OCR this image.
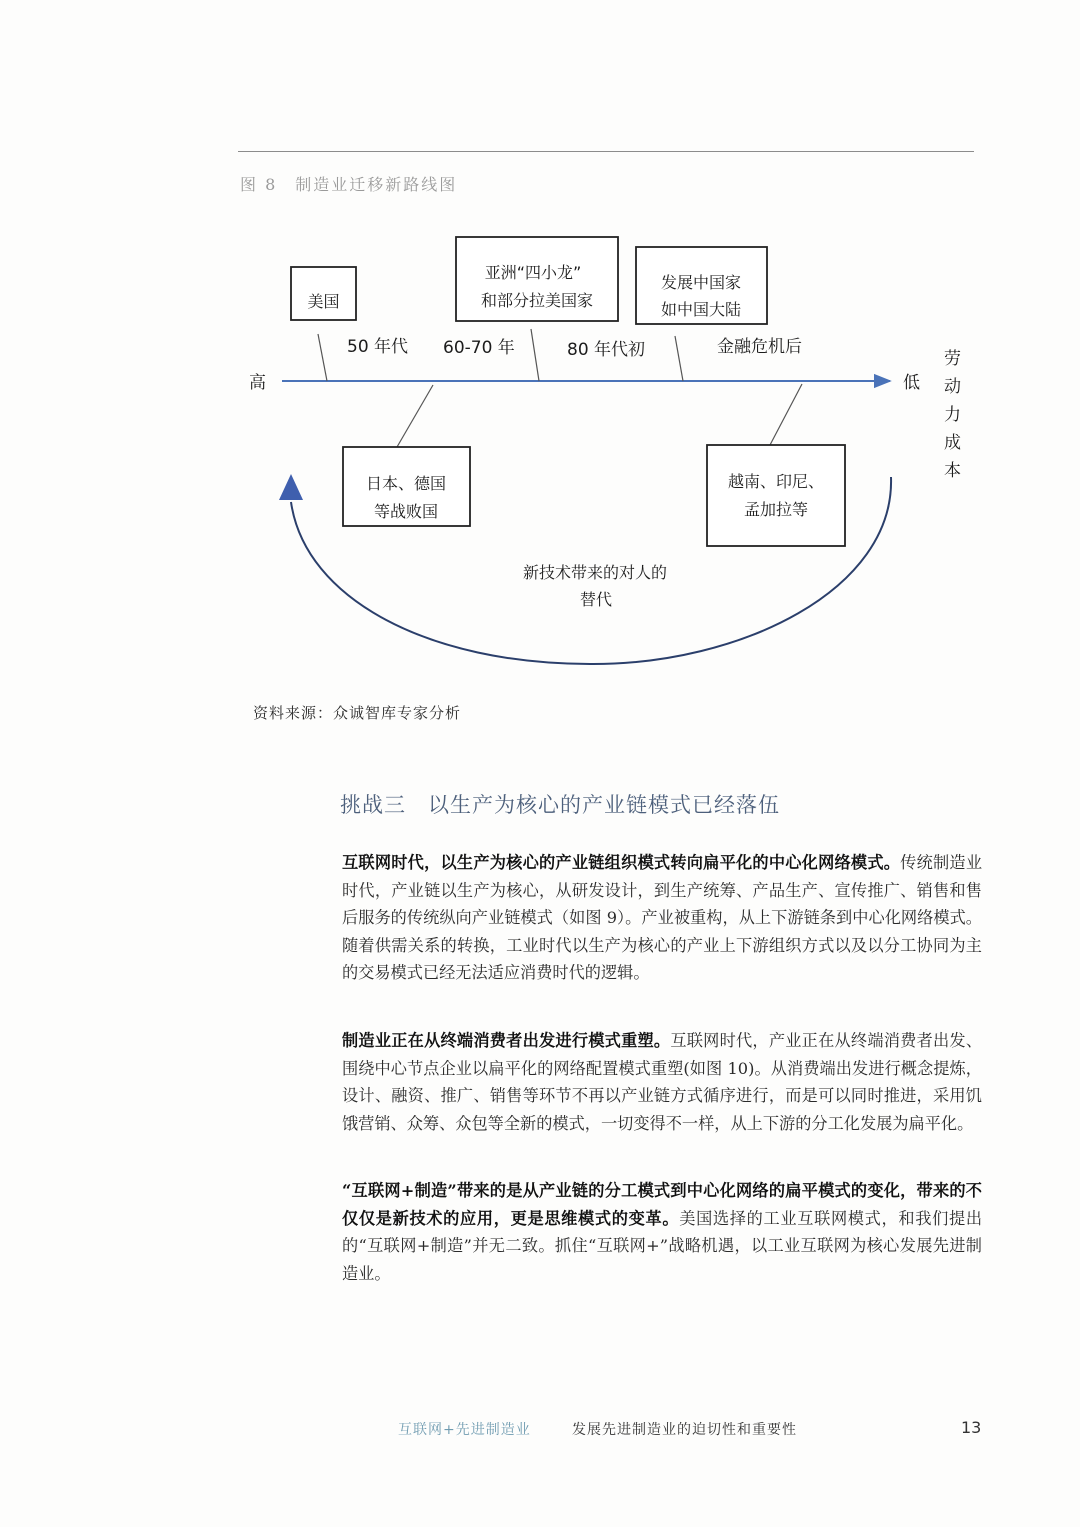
图 8　制造业迁移新路线图
高	低
劳
动
力
成
本
50 年代 60-70 年	80 年代初	金融危机后
美国
亚洲“四小龙”
和部分拉美国家
发展中国家
如中国大陆
日本、德国
等战败国
越南、印尼、
孟加拉等
新技术带来的对人的
替代
资料来源：众诚智库专家分析
挑战三　以生产为核心的产业链模式已经落伍

互联网时代，以生产为核心的产业链组织模式转向扁平化的中心化网络模式。传统制造业时代，产业链以生产为核心，从研发设计，到生产统筹、产品生产、宣传推广、销售和售后服务的传统纵向产业链模式（如图 9）。产业被重构，从上下游链条到中心化网络模式。随着供需关系的转换，工业时代以生产为核心的产业上下游组织方式以及以分工协同为主的交易模式已经无法适应消费时代的逻辑。

制造业正在从终端消费者出发进行模式重塑。互联网时代，产业正在从终端消费者出发、围绕中心节点企业以扁平化的网络配置模式重塑(如图 10)。从消费端出发进行概念提炼，设计、融资、推广、销售等环节不再以产业链方式循序进行，而是可以同时推进，采用饥饿营销、众筹、众包等全新的模式，一切变得不一样，从上下游的分工化发展为扁平化。

“互联网+制造”带来的是从产业链的分工模式到中心化网络的扁平模式的变化，带来的不仅仅是新技术的应用，更是思维模式的变革。美国选择的工业互联网模式，和我们提出的“互联网+制造”并无二致。抓住“互联网+”战略机遇，以工业互联网为核心发展先进制造业。

互联网+先进制造业	发展先进制造业的迫切性和重要性	13
